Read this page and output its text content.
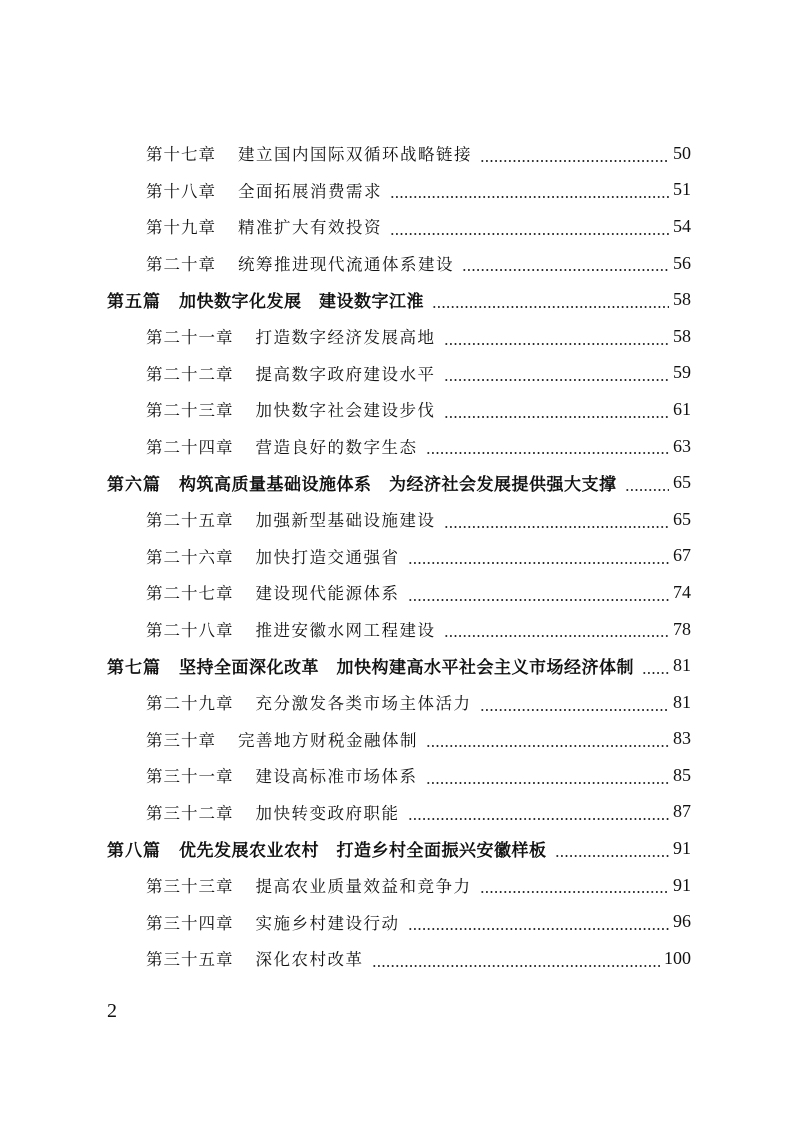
第十七章 建立国内国际双循环战略链接	50
第十八章 全面拓展消费需求	51
第十九章 精准扩大有效投资	54
第二十章 统筹推进现代流通体系建设	56
第五篇 加快数字化发展　建设数字江淮	58
第二十一章 打造数字经济发展高地	58
第二十二章 提高数字政府建设水平	59
第二十三章 加快数字社会建设步伐	61
第二十四章 营造良好的数字生态	63
第六篇 构筑高质量基础设施体系　为经济社会发展提供强大支撑	65
第二十五章 加强新型基础设施建设	65
第二十六章 加快打造交通强省	67
第二十七章 建设现代能源体系	74
第二十八章 推进安徽水网工程建设	78
第七篇 坚持全面深化改革　加快构建高水平社会主义市场经济体制 81
第二十九章 充分激发各类市场主体活力	81
第三十章 完善地方财税金融体制	83
第三十一章 建设高标准市场体系	85
第三十二章 加快转变政府职能	87
第八篇 优先发展农业农村　打造乡村全面振兴安徽样板	91
第三十三章 提高农业质量效益和竞争力	91
第三十四章 实施乡村建设行动	96
第三十五章 深化农村改革	100
2
